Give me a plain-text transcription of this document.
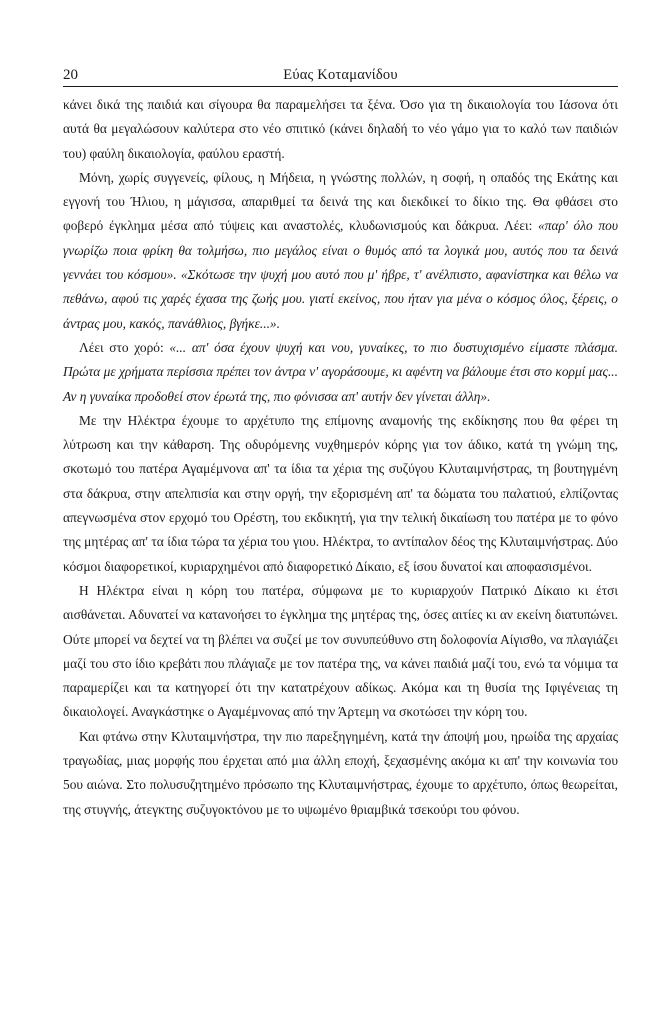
20	Εύας Κοταμανίδου

κάνει δικά της παιδιά και σίγουρα θα παραμελήσει τα ξένα. Όσο για τη δικαιολογία του Ιάσονα ότι αυτά θα μεγαλώσουν καλύτερα στο νέο σπιτικό (κάνει δηλαδή το νέο γάμο για το καλό των παιδιών του) φαύλη δικαιολογία, φαύλου εραστή.

Μόνη, χωρίς συγγενείς, φίλους, η Μήδεια, η γνώστης πολλών, η σοφή, η οπαδός της Εκάτης και εγγονή του Ήλιου, η μάγισσα, απαριθμεί τα δεινά της και διεκδικεί το δίκιο της. Θα φθάσει στο φοβερό έγκλημα μέσα από τύψεις και αναστολές, κλυδωνισμούς και δάκρυα. Λέει: «παρ' όλο που γνωρίζω ποια φρίκη θα τολμήσω, πιο μεγάλος είναι ο θυμός από τα λογικά μου, αυτός που τα δεινά γεννάει του κόσμου». «Σκότωσε την ψυχή μου αυτό που μ' ήβρε, τ' ανέλπιστο, αφανίστηκα και θέλω να πεθάνω, αφού τις χαρές έχασα της ζωής μου. γιατί εκείνος, που ήταν για μένα ο κόσμος όλος, ξέρεις, ο άντρας μου, κακός, πανάθλιος, βγήκε...».

Λέει στο χορό: «... απ' όσα έχουν ψυχή και νου, γυναίκες, το πιο δυστυχισμένο είμαστε πλάσμα. Πρώτα με χρήματα περίσσια πρέπει τον άντρα ν' αγοράσουμε, κι αφέντη να βάλουμε έτσι στο κορμί μας... Αν η γυναίκα προδοθεί στον έρωτά της, πιο φόνισσα απ' αυτήν δεν γίνεται άλλη».

Με την Ηλέκτρα έχουμε το αρχέτυπο της επίμονης αναμονής της εκδίκησης που θα φέρει τη λύτρωση και την κάθαρση. Της οδυρόμενης νυχθημερόν κόρης για τον άδικο, κατά τη γνώμη της, σκοτωμό του πατέρα Αγαμέμνονα απ' τα ίδια τα χέρια της συζύγου Κλυταιμνήστρας, τη βουτηγμένη στα δάκρυα, στην απελπισία και στην οργή, την εξορισμένη απ' τα δώματα του παλατιού, ελπίζοντας απεγνωσμένα στον ερχομό του Ορέστη, του εκδικητή, για την τελική δικαίωση του πατέρα με το φόνο της μητέρας απ' τα ίδια τώρα τα χέρια του γιου. Ηλέκτρα, το αντίπαλον δέος της Κλυταιμνήστρας. Δύο κόσμοι διαφορετικοί, κυριαρχημένοι από διαφορετικό Δίκαιο, εξ ίσου δυνατοί και αποφασισμένοι.

Η Ηλέκτρα είναι η κόρη του πατέρα, σύμφωνα με το κυριαρχούν Πατρικό Δίκαιο κι έτσι αισθάνεται. Αδυνατεί να κατανοήσει το έγκλημα της μητέρας της, όσες αιτίες κι αν εκείνη διατυπώνει. Ούτε μπορεί να δεχτεί να τη βλέπει να συζεί με τον συνυπεύθυνο στη δολοφονία Αίγισθο, να πλαγιάζει μαζί του στο ίδιο κρεβάτι που πλάγιαζε με τον πατέρα της, να κάνει παιδιά μαζί του, ενώ τα νόμιμα τα παραμερίζει και τα κατηγορεί ότι την κατατρέχουν αδίκως. Ακόμα και τη θυσία της Ιφιγένειας τη δικαιολογεί. Αναγκάστηκε ο Αγαμέμνονας από την Άρτεμη να σκοτώσει την κόρη του.

Και φτάνω στην Κλυταιμνήστρα, την πιο παρεξηγημένη, κατά την άποψή μου, ηρωίδα της αρχαίας τραγωδίας, μιας μορφής που έρχεται από μια άλλη εποχή, ξεχασμένης ακόμα κι απ' την κοινωνία του 5ου αιώνα. Στο πολυσυζητημένο πρόσωπο της Κλυταιμνήστρας, έχουμε το αρχέτυπο, όπως θεωρείται, της στυγνής, άτεγκτης συζυγοκτόνου με το υψωμένο θριαμβικά τσεκούρι του φόνου.
